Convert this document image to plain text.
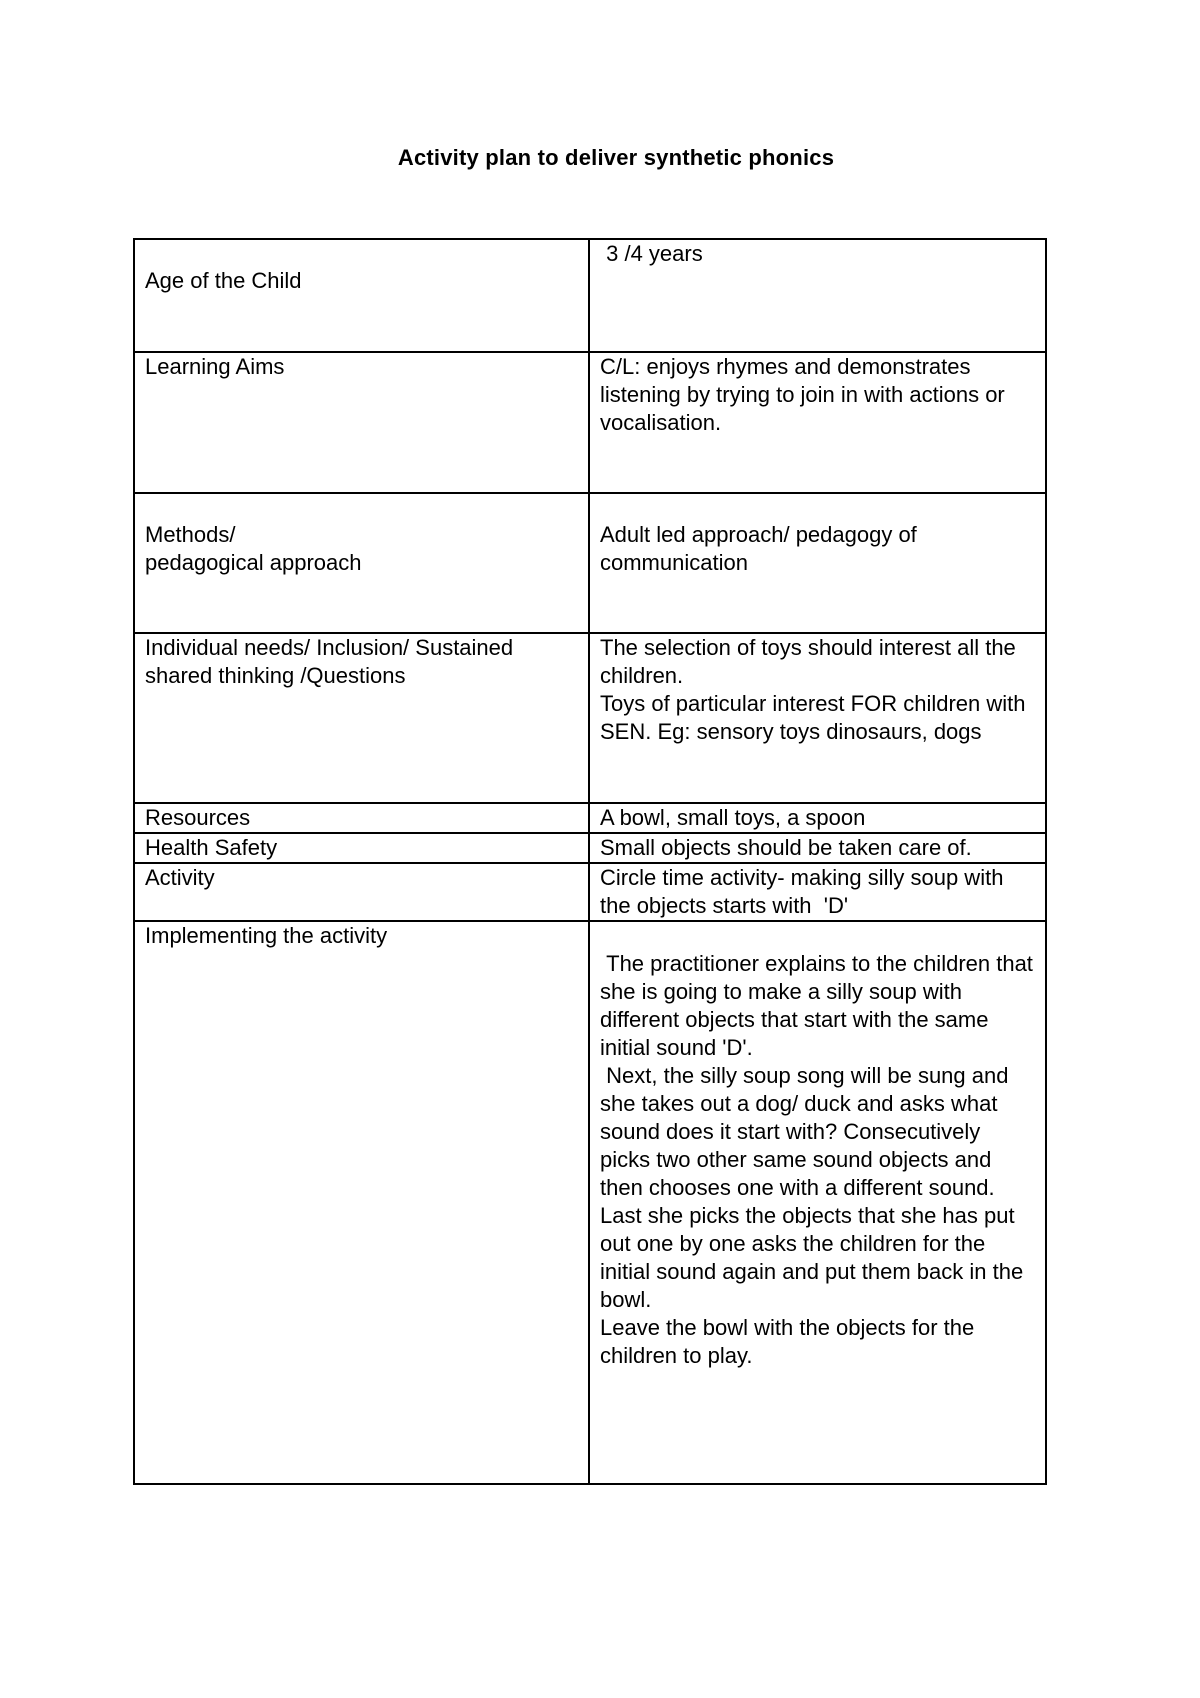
Activity plan to deliver synthetic phonics
Age of the Child	3 /4 years
Learning Aims	C/L: enjoys rhymes and demonstrates listening by trying to join in with actions or vocalisation.
Methods/
pedagogical approach	Adult led approach/ pedagogy of communication
Individual needs/ Inclusion/ Sustained shared thinking /Questions	The selection of toys should interest all the children.
Toys of particular interest FOR children with SEN. Eg: sensory toys dinosaurs, dogs
Resources	A bowl, small toys, a spoon
Health Safety	Small objects should be taken care of.
Activity	Circle time activity- making silly soup with the objects starts with  'D'
Implementing the activity	The practitioner explains to the children that she is going to make a silly soup with different objects that start with the same initial sound 'D'.
Next, the silly soup song will be sung and she takes out a dog/ duck and asks what sound does it start with? Consecutively picks two other same sound objects and then chooses one with a different sound.
Last she picks the objects that she has put out one by one asks the children for the initial sound again and put them back in the bowl.
Leave the bowl with the objects for the children to play.
